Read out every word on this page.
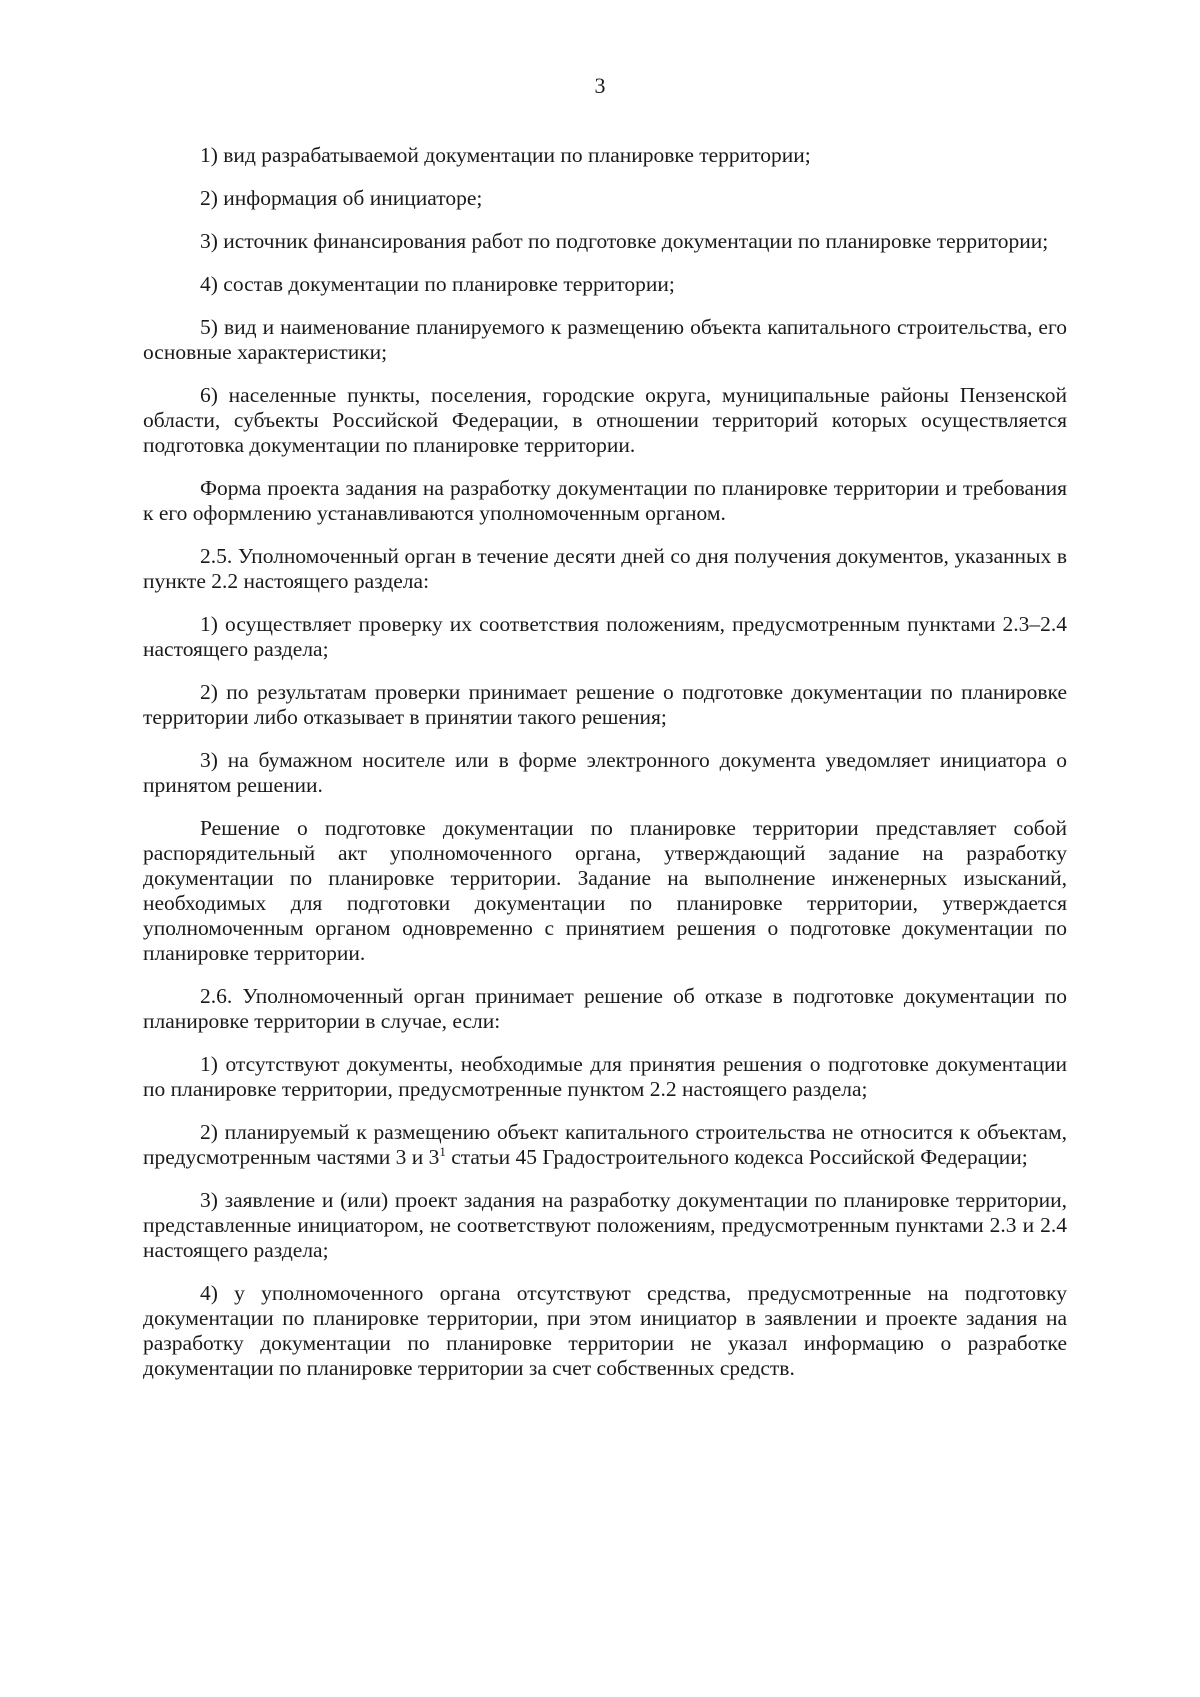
3

1) вид разрабатываемой документации по планировке территории;

2) информация об инициаторе;

3) источник финансирования работ по подготовке документации по планировке территории;

4) состав документации по планировке территории;

5) вид и наименование планируемого к размещению объекта капитального строительства, его основные характеристики;

6) населенные пункты, поселения, городские округа, муниципальные районы Пензенской области, субъекты Российской Федерации, в отношении территорий которых осуществляется подготовка документации по планировке территории.

Форма проекта задания на разработку документации по планировке территории и требования к его оформлению устанавливаются уполномоченным органом.

2.5. Уполномоченный орган в течение десяти дней со дня получения документов, указанных в пункте 2.2 настоящего раздела:

1) осуществляет проверку их соответствия положениям, предусмотренным пунктами 2.3–2.4 настоящего раздела;

2) по результатам проверки принимает решение о подготовке документации по планировке территории либо отказывает в принятии такого решения;

3) на бумажном носителе или в форме электронного документа уведомляет инициатора о принятом решении.

Решение о подготовке документации по планировке территории представляет собой распорядительный акт уполномоченного органа, утверждающий задание на разработку документации по планировке территории. Задание на выполнение инженерных изысканий, необходимых для подготовки документации по планировке территории, утверждается уполномоченным органом одновременно с принятием решения о подготовке документации по планировке территории.

2.6. Уполномоченный орган принимает решение об отказе в подготовке документации по планировке территории в случае, если:

1) отсутствуют документы, необходимые для принятия решения о подготовке документации по планировке территории, предусмотренные пунктом 2.2 настоящего раздела;

2) планируемый к размещению объект капитального строительства не относится к объектам, предусмотренным частями 3 и $3^1$ статьи 45 Градостроительного кодекса Российской Федерации;

3) заявление и (или) проект задания на разработку документации по планировке территории, представленные инициатором, не соответствуют положениям, предусмотренным пунктами 2.3 и 2.4 настоящего раздела;

4) у уполномоченного органа отсутствуют средства, предусмотренные на подготовку документации по планировке территории, при этом инициатор в заявлении и проекте задания на разработку документации по планировке территории не указал информацию о разработке документации по планировке территории за счет собственных средств.
